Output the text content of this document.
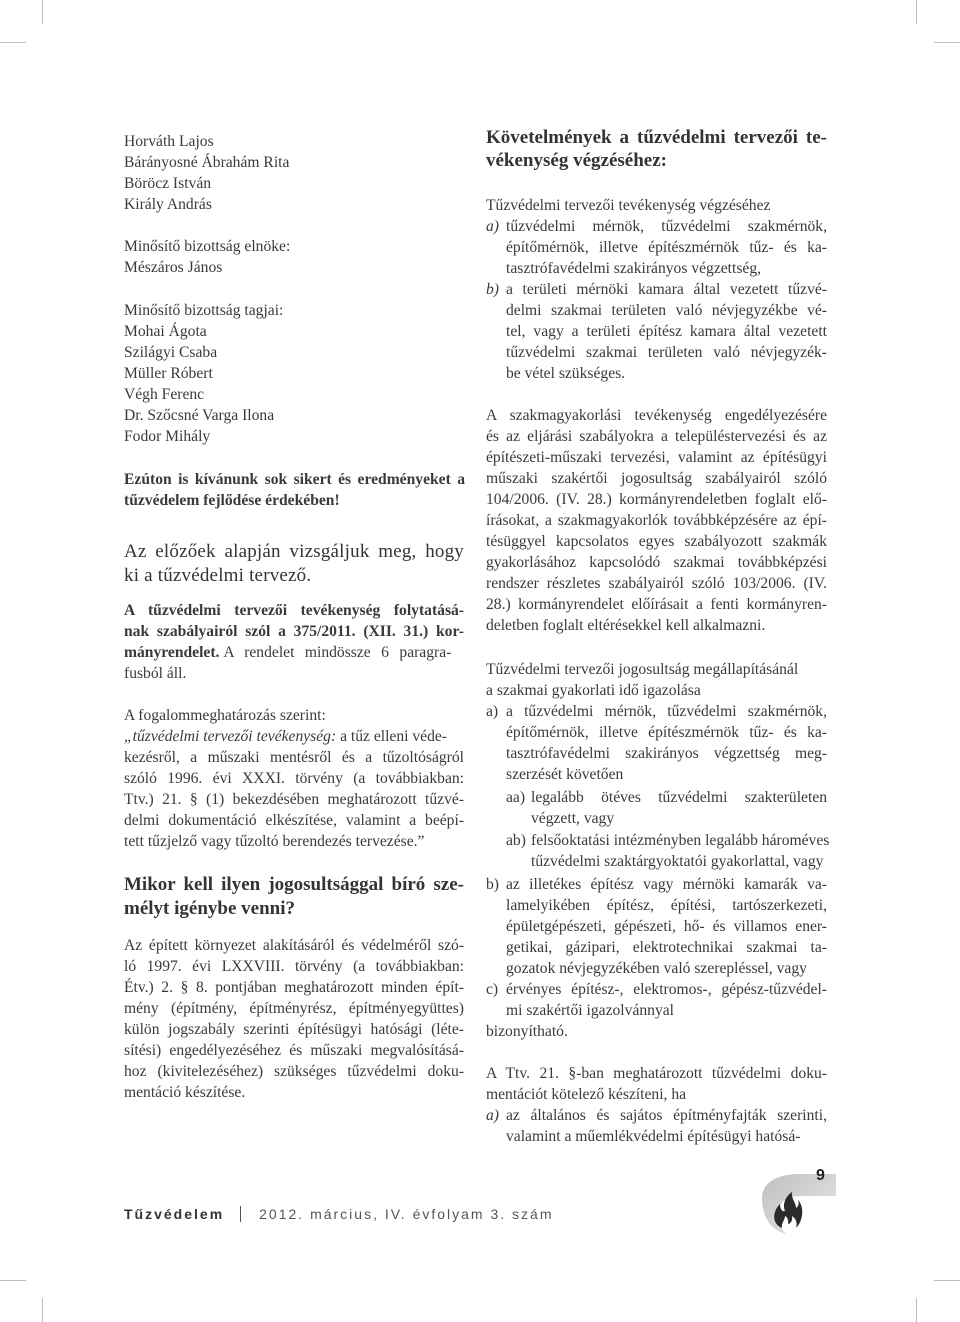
Horváth Lajos
Bárányosné Ábrahám Rita
Böröcz István
Király András
Minősítő bizottság elnöke:
Mészáros János
Minősítő bizottság tagjai:
Mohai Ágota
Szilágyi Csaba
Müller Róbert
Végh Ferenc
Dr. Szőcsné Varga Ilona
Fodor Mihály
Ezúton is kívánunk sok sikert és eredményeket a
tűzvédelem fejlődése érdekében!
Az előzőek alapján vizsgáljuk meg, hogy
ki a tűzvédelmi tervező.
A tűzvédelmi tervezői tevékenység folytatásá-
nak szabályairól szól a 375/2011. (XII. 31.) kor-
mányrendelet. A rendelet mindössze 6 paragra-
fusból áll.
A fogalommeghatározás szerint:
„tűzvédelmi tervezői tevékenység: a tűz elleni véde-
kezésről, a műszaki mentésről és a tűzoltóságról
szóló 1996. évi XXXI. törvény (a továbbiakban:
Ttv.) 21. § (1) bekezdésében meghatározott tűzvé-
delmi dokumentáció elkészítése, valamint a beépí-
tett tűzjelző vagy tűzoltó berendezés tervezése.”
Mikor kell ilyen jogosultsággal bíró sze-
mélyt igénybe venni?
Az épített környezet alakításáról és védelméről szó-
ló 1997. évi LXXVIII. törvény (a továbbiakban:
Étv.) 2. § 8. pontjában meghatározott minden épít-
mény (építmény, építményrész, építményegyüttes)
külön jogszabály szerinti építésügyi hatósági (léte-
sítési) engedélyezéséhez és műszaki megvalósításá-
hoz (kivitelezéséhez) szükséges tűzvédelmi doku-
mentáció készítése.
Követelmények a tűzvédelmi tervezői te-
vékenység végzéséhez:
Tűzvédelmi tervezői tevékenység végzéséhez
a) tűzvédelmi mérnök, tűzvédelmi szakmérnök,
építőmérnök, illetve építészmérnök tűz- és ka-
tasztrófavédelmi szakirányos végzettség,
b) a területi mérnöki kamara által vezetett tűzvé-
delmi szakmai területen való névjegyzékbe vé-
tel, vagy a területi építész kamara által vezetett
tűzvédelmi szakmai területen való névjegyzék-
be vétel szükséges.
A szakmagyakorlási tevékenység engedélyezésére
és az eljárási szabályokra a településtervezési és az
építészeti-műszaki tervezési, valamint az építésügyi
műszaki szakértői jogosultság szabályairól szóló
104/2006. (IV. 28.) kormányrendeletben foglalt elő-
írásokat, a szakmagyakorlók továbbképzésére az épí-
tésüggyel kapcsolatos egyes szabályozott szakmák
gyakorlásához kapcsolódó szakmai továbbképzési
rendszer részletes szabályairól szóló 103/2006. (IV.
28.) kormányrendelet előírásait a fenti kormányren-
deletben foglalt eltérésekkel kell alkalmazni.
Tűzvédelmi tervezői jogosultság megállapításánál
a szakmai gyakorlati idő igazolása
a) a tűzvédelmi mérnök, tűzvédelmi szakmérnök,
építőmérnök, illetve építészmérnök tűz- és ka-
tasztrófavédelmi szakirányos végzettség meg-
szerzését követően
aa) legalább ötéves tűzvédelmi szakterületen
végzett, vagy
ab) felsőoktatási intézményben legalább hároméves
tűzvédelmi szaktárgyoktatói gyakorlattal, vagy
b) az illetékes építész vagy mérnöki kamarák va-
lamelyikében építész, építési, tartószerkezeti,
épületgépészeti, gépészeti, hő- és villamos ener-
getikai, gázipari, elektrotechnikai szakmai ta-
gozatok névjegyzékében való szerepléssel, vagy
c) érvényes építész-, elektromos-, gépész-tűzvédel-
mi szakértői igazolvánnyal
bizonyítható.
A Ttv. 21. §-ban meghatározott tűzvédelmi doku-
mentációt kötelező készíteni, ha
a) az általános és sajátos építményfajták szerinti,
valamint a műemlékvédelmi építésügyi hatósá-
Tűzvédelem	2012. március, IV. évfolyam 3. szám
9
